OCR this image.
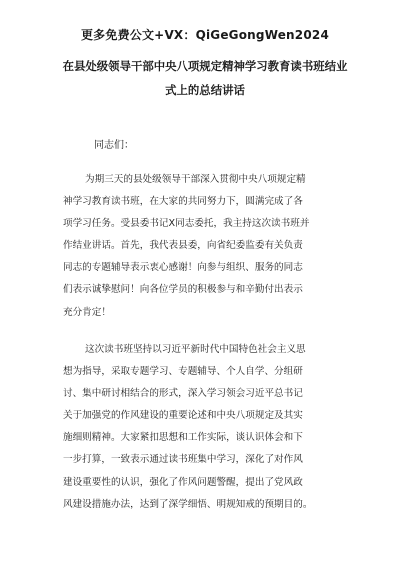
更多免费公文+VX：QiGeGongWen2024
在县处级领导干部中央八项规定精神学习教育读书班结业
式上的总结讲话
同志们：
为期三天的县处级领导干部深入贯彻中央八项规定精
神学习教育读书班，在大家的共同努力下，圆满完成了各
项学习任务。受县委书记X同志委托，我主持这次读书班并
作结业讲话。首先，我代表县委，向省纪委监委有关负责
同志的专题辅导表示衷心感谢！向参与组织、服务的同志
们表示诚挚慰问！向各位学员的积极参与和辛勤付出表示
充分肯定！
这次读书班坚持以习近平新时代中国特色社会主义思
想为指导，采取专题学习、专题辅导、个人自学、分组研
讨、集中研讨相结合的形式，深入学习领会习近平总书记
关于加强党的作风建设的重要论述和中央八项规定及其实
施细则精神。大家紧扣思想和工作实际，谈认识体会和下
一步打算，一致表示通过读书班集中学习，深化了对作风
建设重要性的认识，强化了作风问题警醒，提出了党风政
风建设措施办法，达到了深学细悟、明规知戒的预期目的。
